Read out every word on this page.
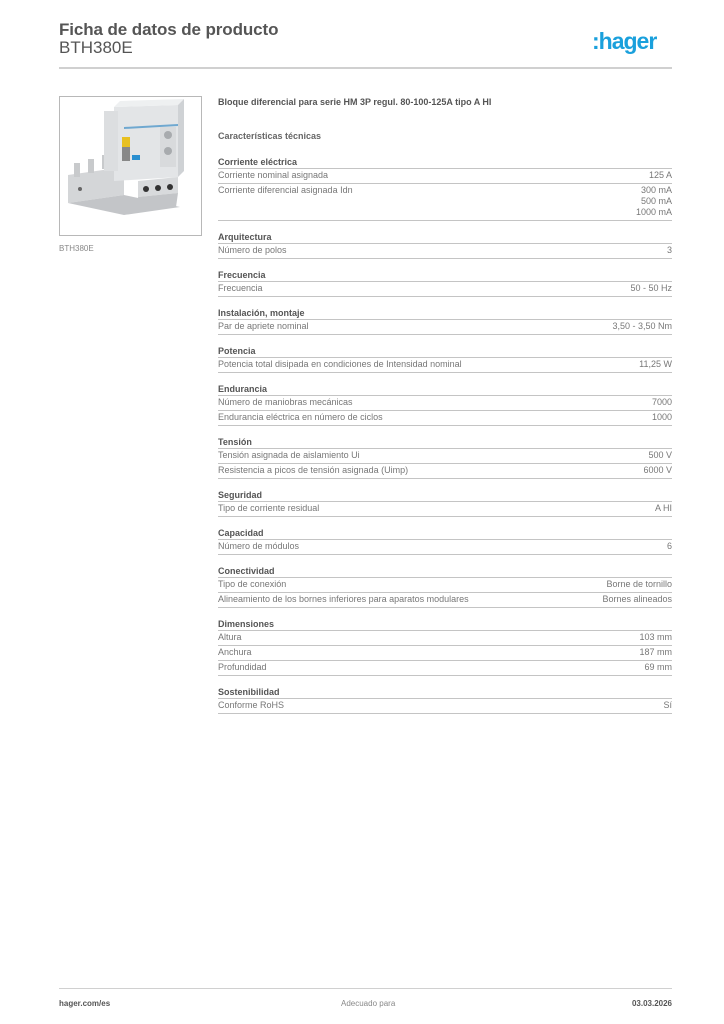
Ficha de datos de producto
BTH380E	:hager
BTH380E
Bloque diferencial para serie HM 3P regul. 80-100-125A tipo A HI
Características técnicas
Corriente eléctrica
Corriente nominal asignada	125 A
Corriente diferencial asignada Idn	300 mA
500 mA
1000 mA
Arquitectura
Número de polos	3
Frecuencia
Frecuencia	50 - 50 Hz
Instalación, montaje
Par de apriete nominal	3,50 - 3,50 Nm
Potencia
Potencia total disipada en condiciones de Intensidad nominal	11,25 W
Endurancia
Número de maniobras mecánicas	7000
Endurancia eléctrica en número de ciclos	1000
Tensión
Tensión asignada de aislamiento Ui	500 V
Resistencia a picos de tensión asignada (Uimp)	6000 V
Seguridad
Tipo de corriente residual	A HI
Capacidad
Número de módulos	6
Conectividad
Tipo de conexión	Borne de tornillo
Alineamiento de los bornes inferiores para aparatos modulares	Bornes alineados
Dimensiones
Altura	103 mm
Anchura	187 mm
Profundidad	69 mm
Sostenibilidad
Conforme RoHS	Sí
hager.com/es	Adecuado para	03.03.2026
